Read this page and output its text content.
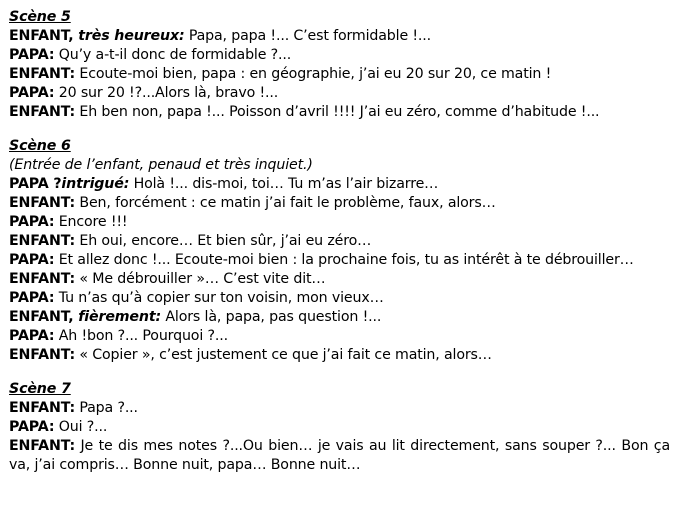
Scène 5
ENFANT, très heureux: Papa, papa !... C’est formidable !...
PAPA: Qu’y a-t-il donc de formidable ?...
ENFANT: Ecoute-moi bien, papa : en géographie, j’ai eu 20 sur 20, ce matin !
PAPA: 20 sur 20 !?...Alors là, bravo !...
ENFANT: Eh ben non, papa !... Poisson d’avril !!!! J’ai eu zéro, comme d’habitude !...
Scène 6
(Entrée de l’enfant, penaud et très inquiet.)
PAPA ?intrigué: Holà !... dis-moi, toi… Tu m’as l’air bizarre…
ENFANT: Ben, forcément : ce matin j’ai fait le problème, faux, alors…
PAPA: Encore !!!
ENFANT: Eh oui, encore… Et bien sûr, j’ai eu zéro…
PAPA: Et allez donc !... Ecoute-moi bien : la prochaine fois, tu as intérêt à te débrouiller…
ENFANT: « Me débrouiller »… C’est vite dit…
PAPA: Tu n’as qu’à copier sur ton voisin, mon vieux…
ENFANT, fièrement: Alors là, papa, pas question !...
PAPA: Ah !bon ?... Pourquoi ?...
ENFANT: « Copier », c’est justement ce que j’ai fait ce matin, alors…
Scène 7
ENFANT: Papa ?...
PAPA: Oui ?...
ENFANT: Je te dis mes notes ?...Ou bien… je vais au lit directement, sans souper ?... Bon ça va, j’ai compris… Bonne nuit, papa… Bonne nuit…
